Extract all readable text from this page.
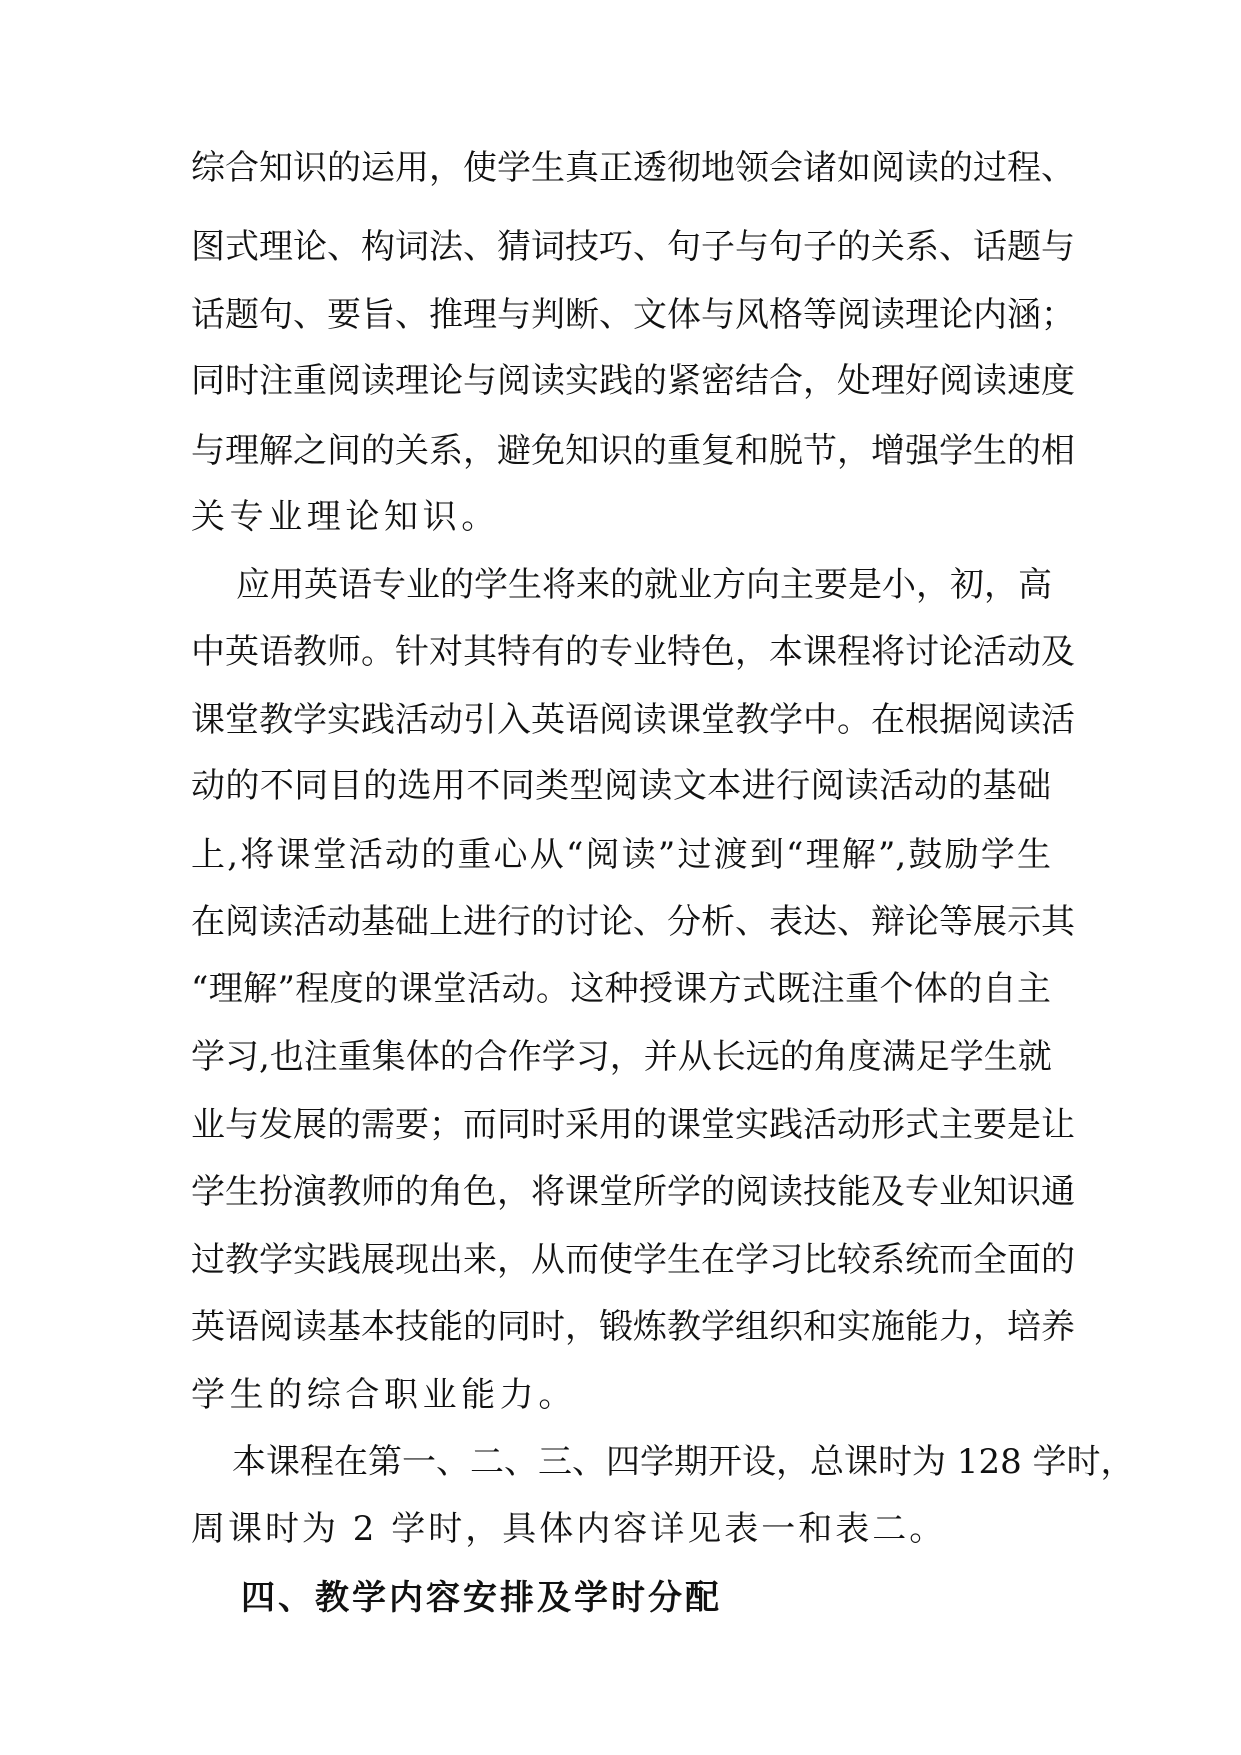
综合知识的运用，使学生真正透彻地领会诸如阅读的过程、
图式理论、构词法、猜词技巧、句子与句子的关系、话题与
话题句、要旨、推理与判断、文体与风格等阅读理论内涵；
同时注重阅读理论与阅读实践的紧密结合，处理好阅读速度
与理解之间的关系，避免知识的重复和脱节，增强学生的相
关专业理论知识。
应用英语专业的学生将来的就业方向主要是小，初，高
中英语教师。针对其特有的专业特色，本课程将讨论活动及
课堂教学实践活动引入英语阅读课堂教学中。在根据阅读活
动的不同目的选用不同类型阅读文本进行阅读活动的基础
上,将课堂活动的重心从“阅读”过渡到“理解”,鼓励学生
在阅读活动基础上进行的讨论、分析、表达、辩论等展示其
“理解”程度的课堂活动。这种授课方式既注重个体的自主
学习,也注重集体的合作学习，并从长远的角度满足学生就
业与发展的需要；而同时采用的课堂实践活动形式主要是让
学生扮演教师的角色，将课堂所学的阅读技能及专业知识通
过教学实践展现出来，从而使学生在学习比较系统而全面的
英语阅读基本技能的同时，锻炼教学组织和实施能力，培养
学生的综合职业能力。
本课程在第一、二、三、四学期开设，总课时为 128 学时，
周课时为 2 学时，具体内容详见表一和表二。
四、教学内容安排及学时分配
